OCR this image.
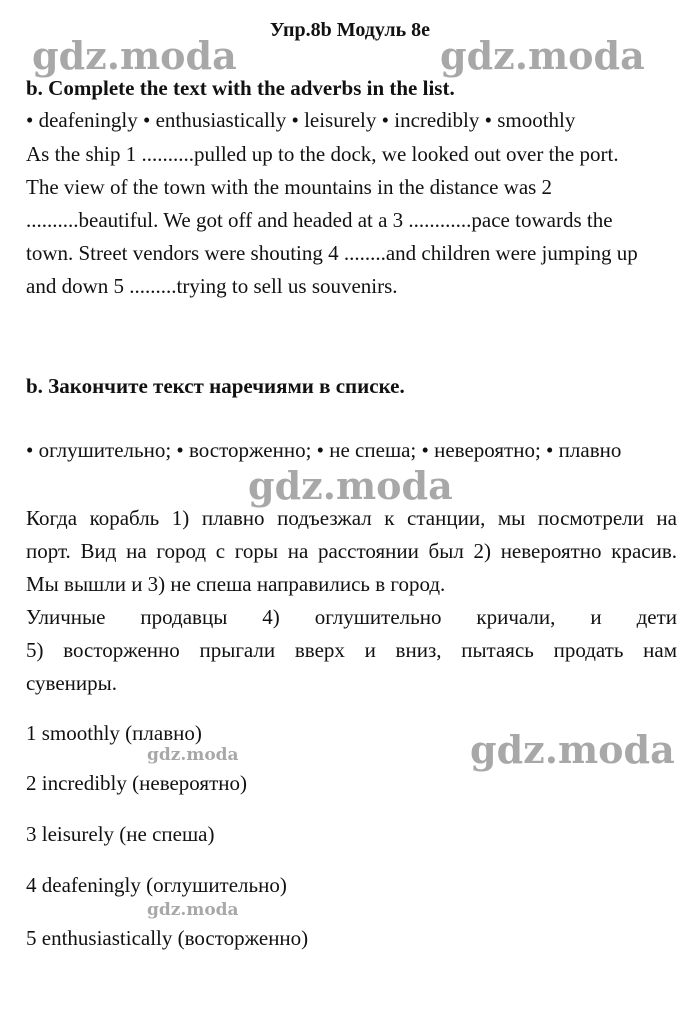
Упр.8b Модуль 8е
gdz.moda	gdz.moda
gdz.moda
gdz.moda
gdz.moda
gdz.moda
b. Complete the text with the adverbs in the list.
• deafeningly • enthusiastically • leisurely • incredibly • smoothly
As the ship 1 ..........pulled up to the dock, we looked out over the port.
The view of the town with the mountains in the distance was 2
..........beautiful. We got off and headed at a 3 ............pace towards the
town. Street vendors were shouting 4 ........and children were jumping up
and down 5 .........trying to sell us souvenirs.
b. Закончите текст наречиями в списке.
• оглушительно; • восторженно; • не спеша; • невероятно; • плавно
Когда корабль 1) плавно подъезжал к станции, мы посмотрели на
порт. Вид на город с горы на расстоянии был 2) невероятно красив.
Мы вышли и 3) не спеша направились в город.
Уличные продавцы 4) оглушительно кричали, и дети
5) восторженно прыгали вверх и вниз, пытаясь продать нам
сувениры.
1 smoothly (плавно)
2 incredibly (невероятно)
3 leisurely (не спеша)
4 deafeningly (оглушительно)
5 enthusiastically (восторженно)
